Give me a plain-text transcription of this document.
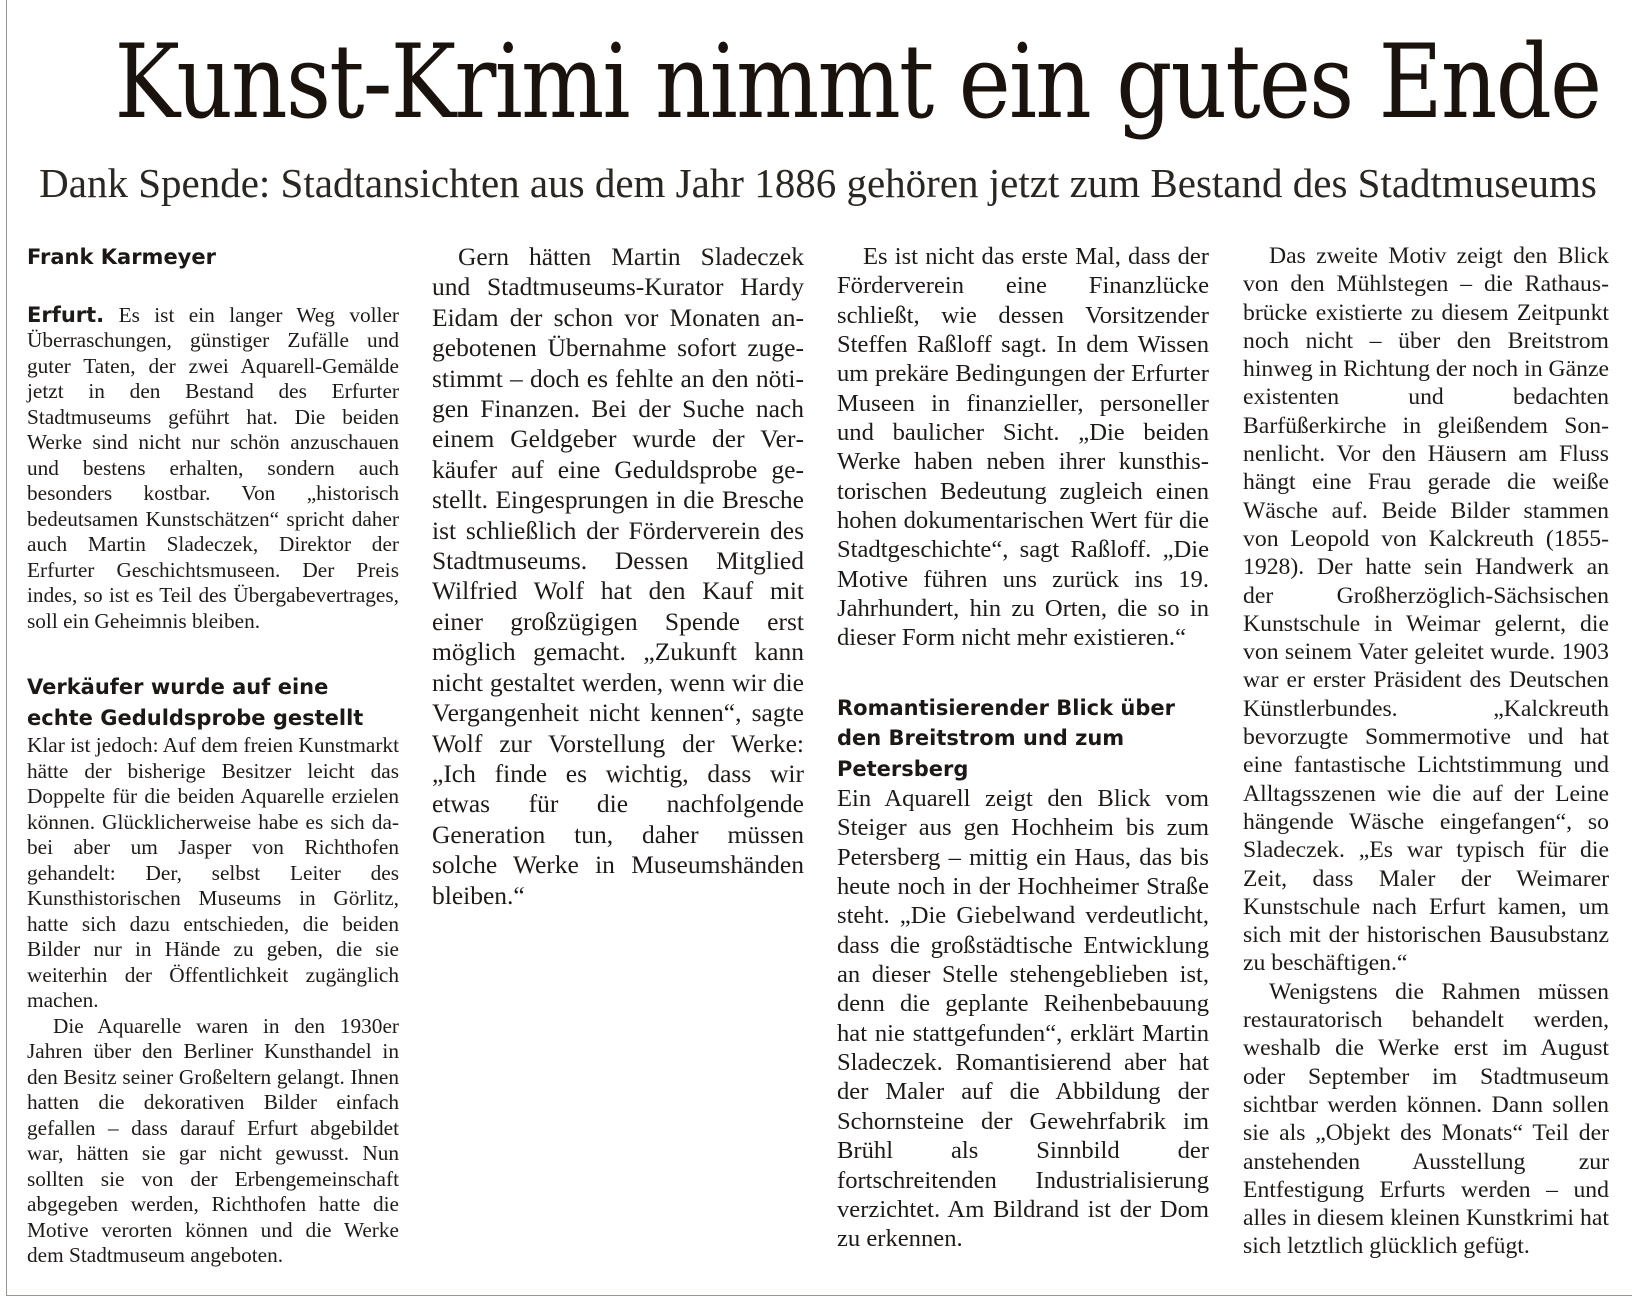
Kunst-Krimi nimmt ein gutes Ende
Dank Spende: Stadtansichten aus dem Jahr 1886 gehören jetzt zum Bestand des Stadtmuseums
Frank Karmeyer

Erfurt. Es ist ein langer Weg voller Überraschungen, günstiger Zufälle und guter Taten, der zwei Aquarell-Gemälde jetzt in den Bestand des Erfurter Stadtmuseums geführt hat. Die beiden Werke sind nicht nur schön anzuschauen und bestens erhalten, sondern auch besonders kostbar. Von „historisch bedeutsamen Kunstschätzen“ spricht daher auch Martin Sladeczek, Direktor der Erfurter Geschichtsmuseen. Der Preis indes, so ist es Teil des Übergabevertrages, soll ein Geheimnis bleiben.

Verkäufer wurde auf eine echte Geduldsprobe gestellt

Klar ist jedoch: Auf dem freien Kunstmarkt hätte der bisherige Besitzer leicht das Doppelte für die beiden Aquarelle erzielen können. Glücklicherweise habe es sich dabei aber um Jasper von Richthofen gehandelt: Der, selbst Leiter des Kunsthistorischen Museums in Görlitz, hatte sich dazu entschieden, die beiden Bilder nur in Hände zu geben, die sie weiterhin der Öffentlichkeit zugänglich machen.

Die Aquarelle waren in den 1930er Jahren über den Berliner Kunsthandel in den Besitz seiner Großeltern gelangt. Ihnen hatten die dekorativen Bilder einfach gefallen – dass darauf Erfurt abgebildet war, hätten sie gar nicht gewusst. Nun sollten sie von der Erbengemeinschaft abgegeben werden, Richthofen hatte die Motive verorten können und die Werke dem Stadtmuseum angeboten.

Gern hätten Martin Sladeczek und Stadtmuseums-Kurator Hardy Eidam der schon vor Monaten angebotenen Übernahme sofort zugestimmt – doch es fehlte an den nötigen Finanzen. Bei der Suche nach einem Geldgeber wurde der Verkäufer auf eine Geduldsprobe gestellt. Eingesprungen in die Bresche ist schließlich der Förderverein des Stadtmuseums. Dessen Mitglied Wilfried Wolf hat den Kauf mit einer großzügigen Spende erst möglich gemacht. „Zukunft kann nicht gestaltet werden, wenn wir die Vergangenheit nicht kennen“, sagte Wolf zur Vorstellung der Werke: „Ich finde es wichtig, dass wir etwas für die nachfolgende Generation tun, daher müssen solche Werke in Museumshänden bleiben.“

Es ist nicht das erste Mal, dass der Förderverein eine Finanzlücke schließt, wie dessen Vorsitzender Steffen Raßloff sagt. In dem Wissen um prekäre Bedingungen der Erfurter Museen in finanzieller, personeller und baulicher Sicht. „Die beiden Werke haben neben ihrer kunsthistorischen Bedeutung zugleich einen hohen dokumentarischen Wert für die Stadtgeschichte“, sagt Raßloff. „Die Motive führen uns zurück ins 19. Jahrhundert, hin zu Orten, die so in dieser Form nicht mehr existieren.“

Romantisierender Blick über den Breitstrom und zum Petersberg

Ein Aquarell zeigt den Blick vom Steiger aus gen Hochheim bis zum Petersberg – mittig ein Haus, das bis heute noch in der Hochheimer Straße steht. „Die Giebelwand verdeutlicht, dass die großstädtische Entwicklung an dieser Stelle stehengeblieben ist, denn die geplante Reihenbebauung hat nie stattgefunden“, erklärt Martin Sladeczek. Romantisierend aber hat der Maler auf die Abbildung der Schornsteine der Gewehrfabrik im Brühl als Sinnbild der fortschreitenden Industrialisierung verzichtet. Am Bildrand ist der Dom zu erkennen.

Das zweite Motiv zeigt den Blick von den Mühlstegen – die Rathausbrücke existierte zu diesem Zeitpunkt noch nicht – über den Breitstrom hinweg in Richtung der noch in Gänze existenten und bedachten Barfüßerkirche in gleißendem Sonnenlicht. Vor den Häusern am Fluss hängt eine Frau gerade die weiße Wäsche auf. Beide Bilder stammen von Leopold von Kalckreuth (1855-1928). Der hatte sein Handwerk an der Großherzöglich-Sächsischen Kunstschule in Weimar gelernt, die von seinem Vater geleitet wurde. 1903 war er erster Präsident des Deutschen Künstlerbundes. „Kalckreuth bevorzugte Sommermotive und hat eine fantastische Lichtstimmung und Alltagsszenen wie die auf der Leine hängende Wäsche eingefangen“, so Sladeczek. „Es war typisch für die Zeit, dass Maler der Weimarer Kunstschule nach Erfurt kamen, um sich mit der historischen Bausubstanz zu beschäftigen.“

Wenigstens die Rahmen müssen restauratorisch behandelt werden, weshalb die Werke erst im August oder September im Stadtmuseum sichtbar werden können. Dann sollen sie als „Objekt des Monats“ Teil der anstehenden Ausstellung zur Entfestigung Erfurts werden – und alles in diesem kleinen Kunstkrimi hat sich letztlich glücklich gefügt.
